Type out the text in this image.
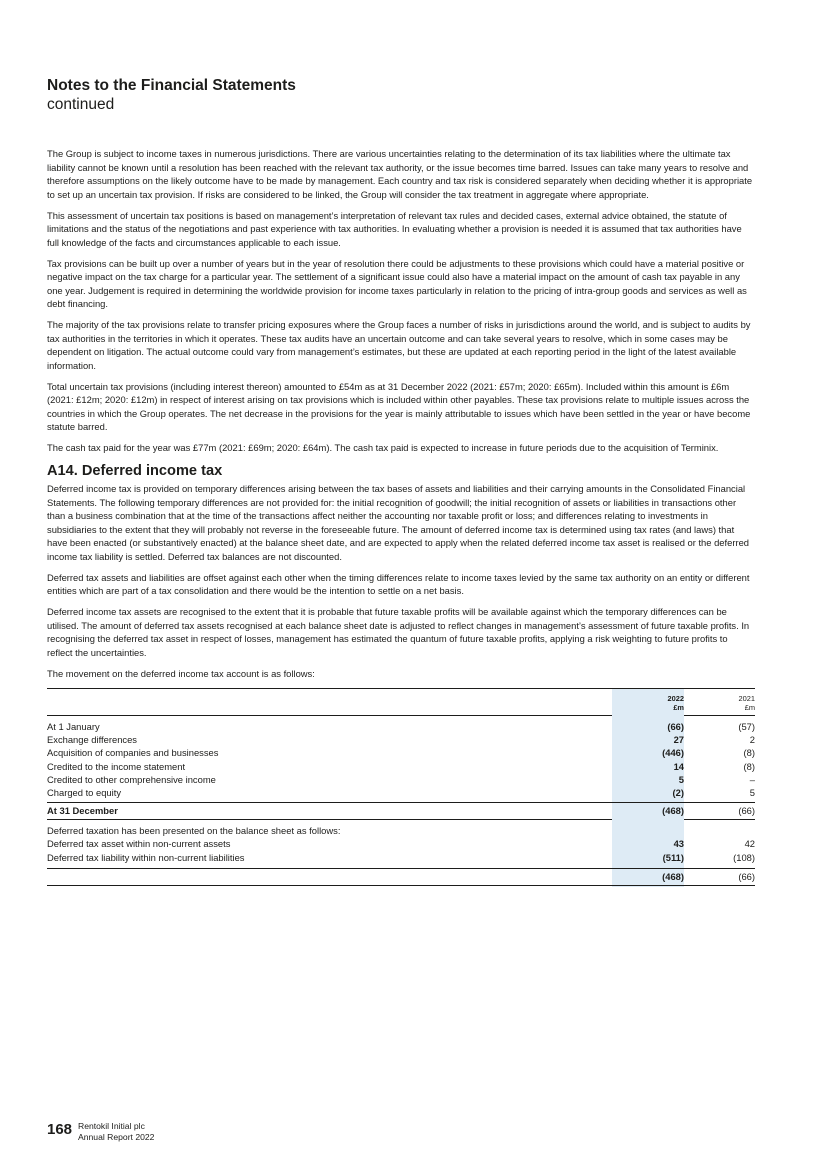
Notes to the Financial Statements
continued

The Group is subject to income taxes in numerous jurisdictions. There are various uncertainties relating to the determination of its tax liabilities where the ultimate tax liability cannot be known until a resolution has been reached with the relevant tax authority, or the issue becomes time barred. Issues can take many years to resolve and therefore assumptions on the likely outcome have to be made by management. Each country and tax risk is considered separately when deciding whether it is appropriate to set up an uncertain tax provision. If risks are considered to be linked, the Group will consider the tax treatment in aggregate where appropriate.

This assessment of uncertain tax positions is based on management’s interpretation of relevant tax rules and decided cases, external advice obtained, the statute of limitations and the status of the negotiations and past experience with tax authorities. In evaluating whether a provision is needed it is assumed that tax authorities have full knowledge of the facts and circumstances applicable to each issue.

Tax provisions can be built up over a number of years but in the year of resolution there could be adjustments to these provisions which could have a material positive or negative impact on the tax charge for a particular year. The settlement of a significant issue could also have a material impact on the amount of cash tax payable in any one year. Judgement is required in determining the worldwide provision for income taxes particularly in relation to the pricing of intra-group goods and services as well as debt financing.

The majority of the tax provisions relate to transfer pricing exposures where the Group faces a number of risks in jurisdictions around the world, and is subject to audits by tax authorities in the territories in which it operates. These tax audits have an uncertain outcome and can take several years to resolve, which in some cases may be dependent on litigation. The actual outcome could vary from management’s estimates, but these are updated at each reporting period in the light of the latest available information.

Total uncertain tax provisions (including interest thereon) amounted to £54m as at 31 December 2022 (2021: £57m; 2020: £65m). Included within this amount is £6m (2021: £12m; 2020: £12m) in respect of interest arising on tax provisions which is included within other payables. These tax provisions relate to multiple issues across the countries in which the Group operates. The net decrease in the provisions for the year is mainly attributable to issues which have been settled in the year or have become statute barred.

The cash tax paid for the year was £77m (2021: £69m; 2020: £64m). The cash tax paid is expected to increase in future periods due to the acquisition of Terminix.

A14. Deferred income tax

Deferred income tax is provided on temporary differences arising between the tax bases of assets and liabilities and their carrying amounts in the Consolidated Financial Statements. The following temporary differences are not provided for: the initial recognition of goodwill; the initial recognition of assets or liabilities in transactions other than a business combination that at the time of the transactions affect neither the accounting nor taxable profit or loss; and differences relating to investments in subsidiaries to the extent that they will probably not reverse in the foreseeable future. The amount of deferred income tax is determined using tax rates (and laws) that have been enacted (or substantively enacted) at the balance sheet date, and are expected to apply when the related deferred income tax asset is realised or the deferred income tax liability is settled. Deferred tax balances are not discounted.

Deferred tax assets and liabilities are offset against each other when the timing differences relate to income taxes levied by the same tax authority on an entity or different entities which are part of a tax consolidation and there would be the intention to settle on a net basis.

Deferred income tax assets are recognised to the extent that it is probable that future taxable profits will be available against which the temporary differences can be utilised. The amount of deferred tax assets recognised at each balance sheet date is adjusted to reflect changes in management’s assessment of future taxable profits. In recognising the deferred tax asset in respect of losses, management has estimated the quantum of future taxable profits, applying a risk weighting to future profits to reflect the uncertainties.

The movement on the deferred income tax account is as follows:

2022
£m
2021
£m
At 1 January	(66)	(57)
Exchange differences	27	2
Acquisition of companies and businesses	(446)	(8)
Credited to the income statement	14	(8)
Credited to other comprehensive income	5	–
Charged to equity	(2)	5
At 31 December	(468)	(66)
Deferred taxation has been presented on the balance sheet as follows:
Deferred tax asset within non-current assets	43	42
Deferred tax liability within non-current liabilities	(511)	(108)
(468)	(66)
168 Rentokil Initial plc
Annual Report 2022
